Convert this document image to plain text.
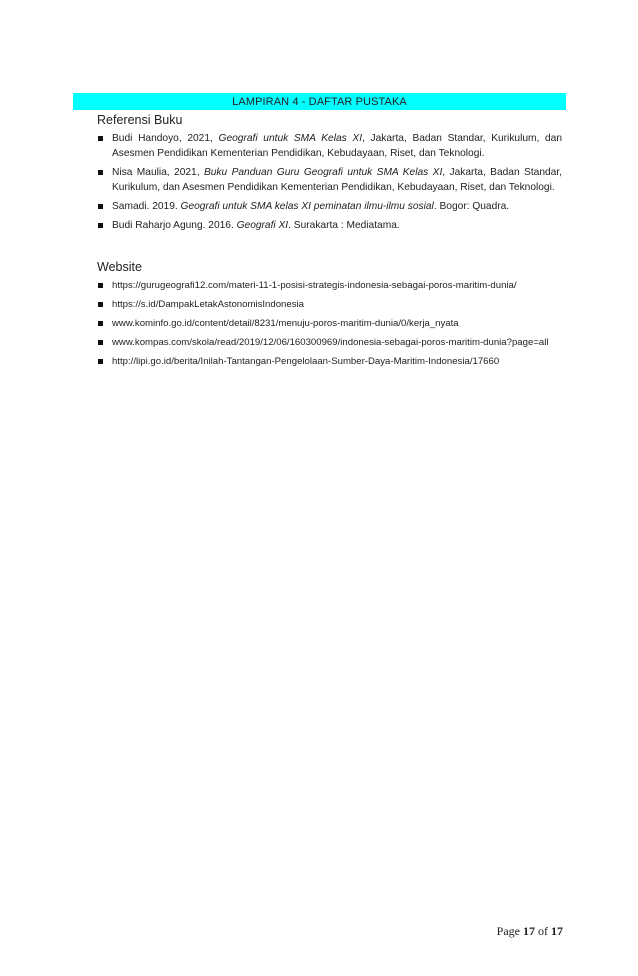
LAMPIRAN 4 - DAFTAR PUSTAKA
Referensi Buku
Budi Handoyo, 2021, Geografi untuk SMA Kelas XI, Jakarta, Badan Standar, Kurikulum, dan Asesmen Pendidikan Kementerian Pendidikan, Kebudayaan, Riset, dan Teknologi.
Nisa Maulia, 2021, Buku Panduan Guru Geografi untuk SMA Kelas XI, Jakarta, Badan Standar, Kurikulum, dan Asesmen Pendidikan Kementerian Pendidikan, Kebudayaan, Riset, dan Teknologi.
Samadi. 2019. Geografi untuk SMA kelas XI peminatan ilmu-ilmu sosial. Bogor: Quadra.
Budi Raharjo Agung. 2016. Geografi XI. Surakarta : Mediatama.
Website
https://gurugeografi12.com/materi-11-1-posisi-strategis-indonesia-sebagai-poros-maritim-dunia/
https://s.id/DampakLetakAstonomisIndonesia
www.kominfo.go.id/content/detail/8231/menuju-poros-maritim-dunia/0/kerja_nyata
www.kompas.com/skola/read/2019/12/06/160300969/indonesia-sebagai-poros-maritim-dunia?page=all
http://lipi.go.id/berita/Inilah-Tantangan-Pengelolaan-Sumber-Daya-Maritim-Indonesia/17660
Page 17 of 17
